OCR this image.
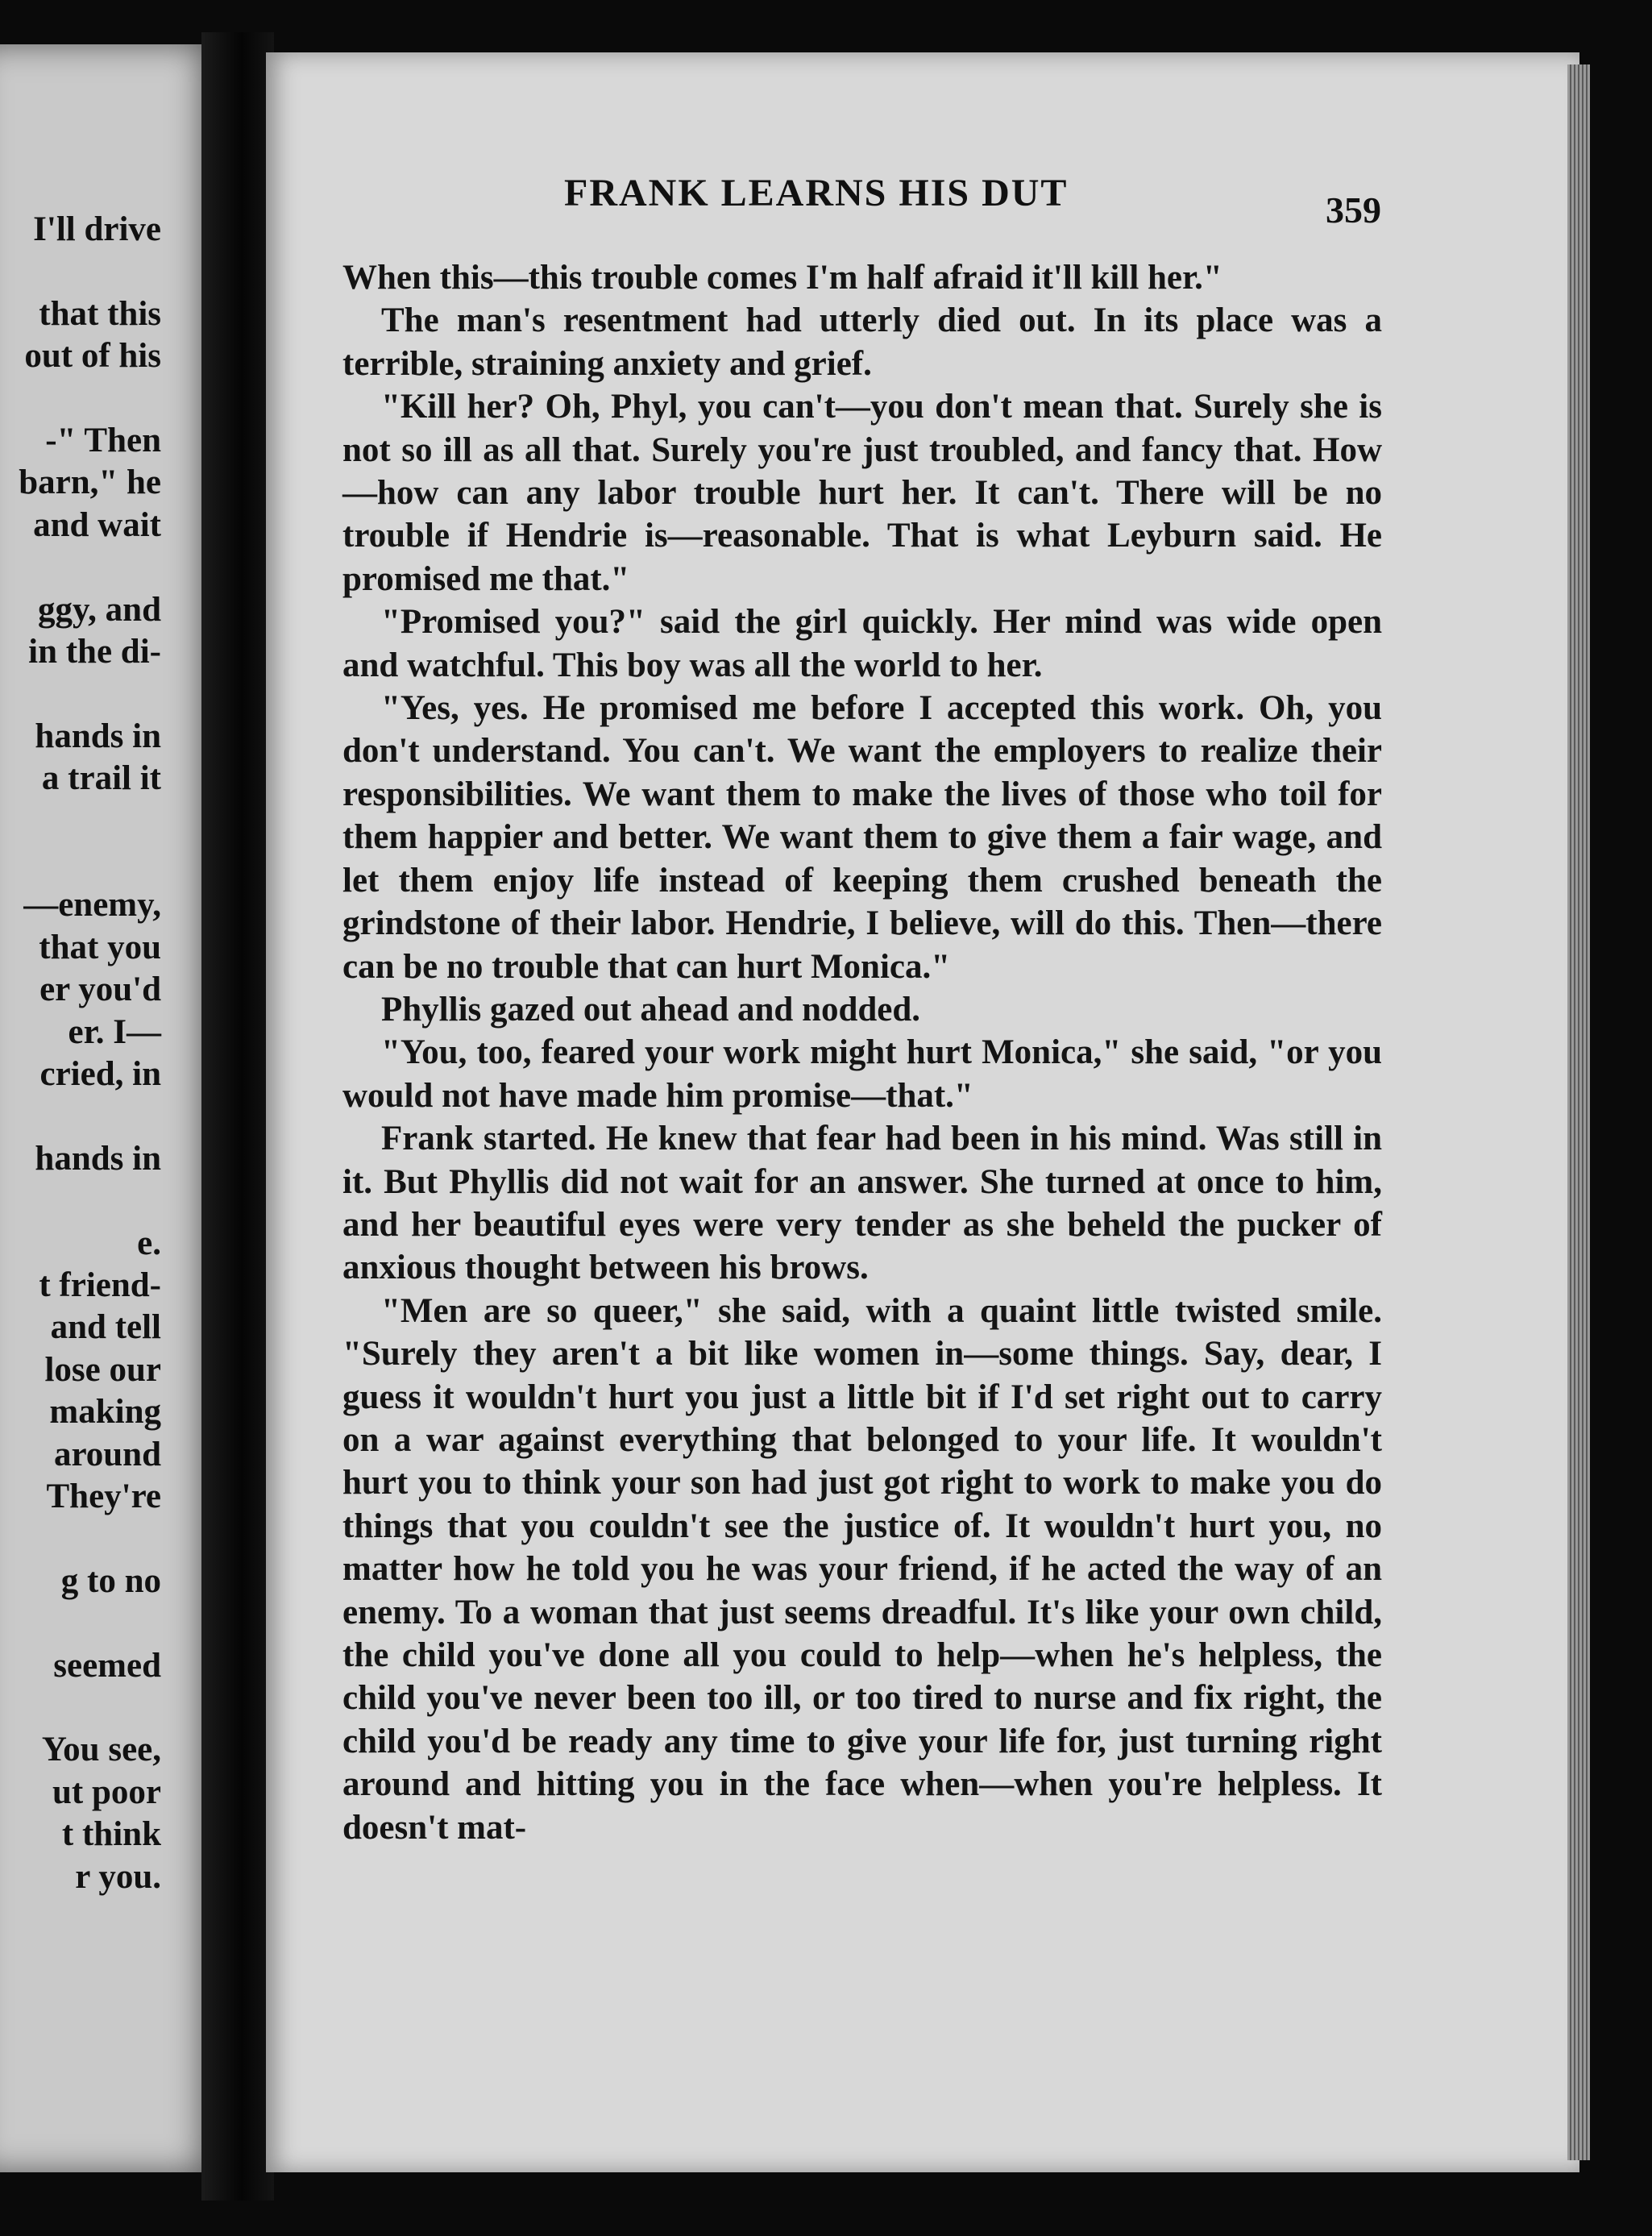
I'll drive
that this
out of his
-" Then
barn," he
and wait
ggy, and
in the di-
hands in
a trail it
—enemy,
that you
er you'd
er. I—
cried, in
hands in
e.
t friend-
and tell
lose our
making
around
They're
g to no
seemed
You see,
ut poor
t think
r you.
FRANK LEARNS HIS DUT	359

When this—this trouble comes I'm half afraid it'll kill her."

The man's resentment had utterly died out. In its place was a terrible, straining anxiety and grief.

"Kill her? Oh, Phyl, you can't—you don't mean that. Surely she is not so ill as all that. Surely you're just troubled, and fancy that. How—how can any labor trouble hurt her. It can't. There will be no trouble if Hendrie is—reasonable. That is what Leyburn said. He promised me that."

"Promised you?" said the girl quickly. Her mind was wide open and watchful. This boy was all the world to her.

"Yes, yes. He promised me before I accepted this work. Oh, you don't understand. You can't. We want the employers to realize their responsibilities. We want them to make the lives of those who toil for them happier and better. We want them to give them a fair wage, and let them enjoy life instead of keeping them crushed beneath the grindstone of their labor. Hendrie, I believe, will do this. Then—there can be no trouble that can hurt Monica."

Phyllis gazed out ahead and nodded.

"You, too, feared your work might hurt Monica," she said, "or you would not have made him promise—that."

Frank started. He knew that fear had been in his mind. Was still in it. But Phyllis did not wait for an answer. She turned at once to him, and her beautiful eyes were very tender as she beheld the pucker of anxious thought between his brows.

"Men are so queer," she said, with a quaint little twisted smile. "Surely they aren't a bit like women in—some things. Say, dear, I guess it wouldn't hurt you just a little bit if I'd set right out to carry on a war against everything that belonged to your life. It wouldn't hurt you to think your son had just got right to work to make you do things that you couldn't see the justice of. It wouldn't hurt you, no matter how he told you he was your friend, if he acted the way of an enemy. To a woman that just seems dreadful. It's like your own child, the child you've done all you could to help—when he's helpless, the child you've never been too ill, or too tired to nurse and fix right, the child you'd be ready any time to give your life for, just turning right around and hitting you in the face when—when you're helpless. It doesn't mat-
